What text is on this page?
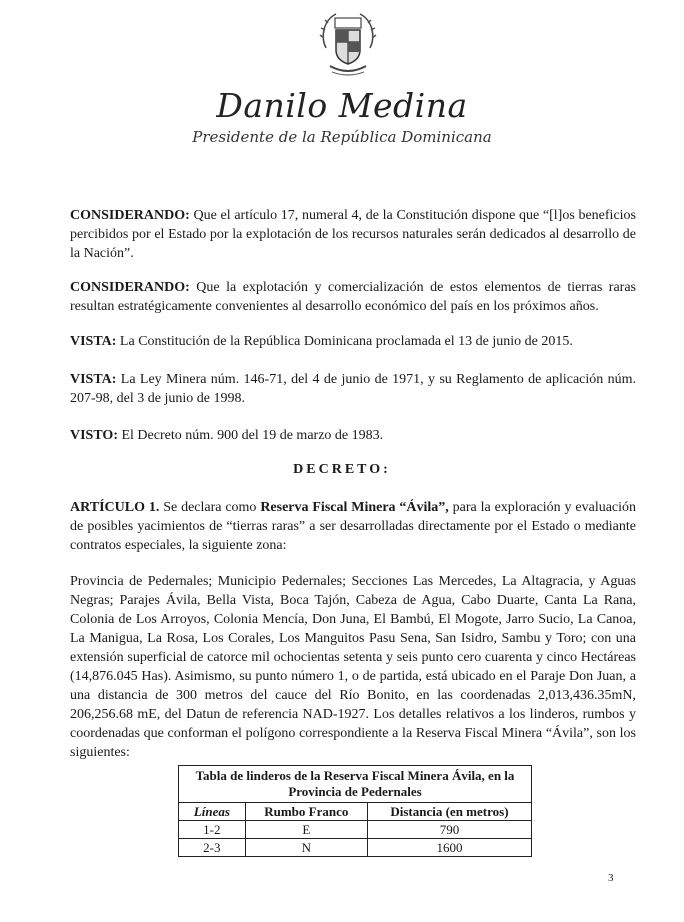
Danilo Medina
Presidente de la República Dominicana
CONSIDERANDO: Que el artículo 17, numeral 4, de la Constitución dispone que “[l]os beneficios percibidos por el Estado por la explotación de los recursos naturales serán dedicados al desarrollo de la Nación”.
CONSIDERANDO: Que la explotación y comercialización de estos elementos de tierras raras resultan estratégicamente convenientes al desarrollo económico del país en los próximos años.
VISTA: La Constitución de la República Dominicana proclamada el 13 de junio de 2015.
VISTA: La Ley Minera núm. 146-71, del 4 de junio de 1971, y su Reglamento de aplicación núm. 207-98, del 3 de junio de 1998.
VISTO: El Decreto núm. 900 del 19 de marzo de 1983.
DECRETO:
ARTÍCULO 1. Se declara como Reserva Fiscal Minera “Ávila”, para la exploración y evaluación de posibles yacimientos de “tierras raras” a ser desarrolladas directamente por el Estado o mediante contratos especiales, la siguiente zona:
Provincia de Pedernales; Municipio Pedernales; Secciones Las Mercedes, La Altagracia, y Aguas Negras; Parajes Ávila, Bella Vista, Boca Tajón, Cabeza de Agua, Cabo Duarte, Canta La Rana, Colonia de Los Arroyos, Colonia Mencía, Don Juna, El Bambú, El Mogote, Jarro Sucio, La Canoa, La Manigua, La Rosa, Los Corales, Los Manguitos Pasu Sena, San Isidro, Sambu y Toro; con una extensión superficial de catorce mil ochocientas setenta y seis punto cero cuarenta y cinco Hectáreas (14,876.045 Has). Asimismo, su punto número 1, o de partida, está ubicado en el Paraje Don Juan, a una distancia de 300 metros del cauce del Río Bonito, en las coordenadas 2,013,436.35mN, 206,256.68 mE, del Datun de referencia NAD-1927. Los detalles relativos a los linderos, rumbos y coordenadas que conforman el polígono correspondiente a la Reserva Fiscal Minera “Ávila”, son los siguientes:
Tabla de linderos de la Reserva Fiscal Minera Ávila, en la Provincia de Pedernales		
Líneas	Rumbo Franco	Distancia (en metros)
1-2	E	790
2-3	N	1600
3
